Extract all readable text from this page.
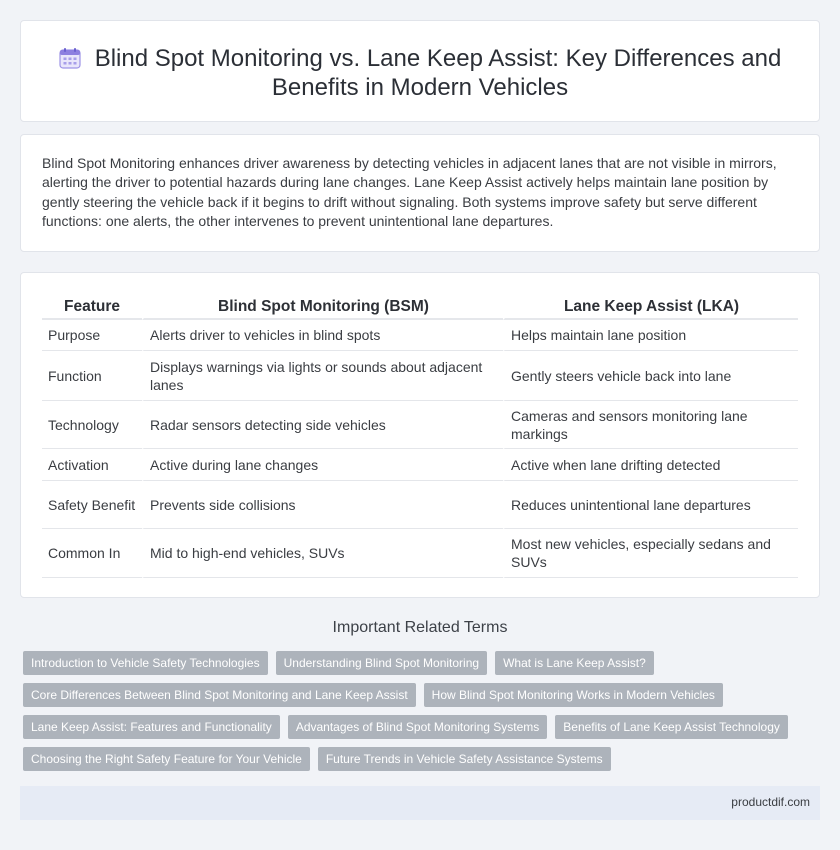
Blind Spot Monitoring vs. Lane Keep Assist: Key Differences and Benefits in Modern Vehicles

Blind Spot Monitoring enhances driver awareness by detecting vehicles in adjacent lanes that are not visible in mirrors, alerting the driver to potential hazards during lane changes. Lane Keep Assist actively helps maintain lane position by gently steering the vehicle back if it begins to drift without signaling. Both systems improve safety but serve different functions: one alerts, the other intervenes to prevent unintentional lane departures.

Feature	Blind Spot Monitoring (BSM)	Lane Keep Assist (LKA)
Purpose	Alerts driver to vehicles in blind spots	Helps maintain lane position
Function	Displays warnings via lights or sounds about adjacent lanes	Gently steers vehicle back into lane
Technology	Radar sensors detecting side vehicles	Cameras and sensors monitoring lane markings
Activation	Active during lane changes	Active when lane drifting detected
Safety Benefit	Prevents side collisions	Reduces unintentional lane departures
Common In	Mid to high-end vehicles, SUVs	Most new vehicles, especially sedans and SUVs
Important Related Terms
Introduction to Vehicle Safety Technologies	Understanding Blind Spot Monitoring	What is Lane Keep Assist?
Core Differences Between Blind Spot Monitoring and Lane Keep Assist	How Blind Spot Monitoring Works in Modern Vehicles
Lane Keep Assist: Features and Functionality	Advantages of Blind Spot Monitoring Systems	Benefits of Lane Keep Assist Technology
Choosing the Right Safety Feature for Your Vehicle	Future Trends in Vehicle Safety Assistance Systems
productdif.com
